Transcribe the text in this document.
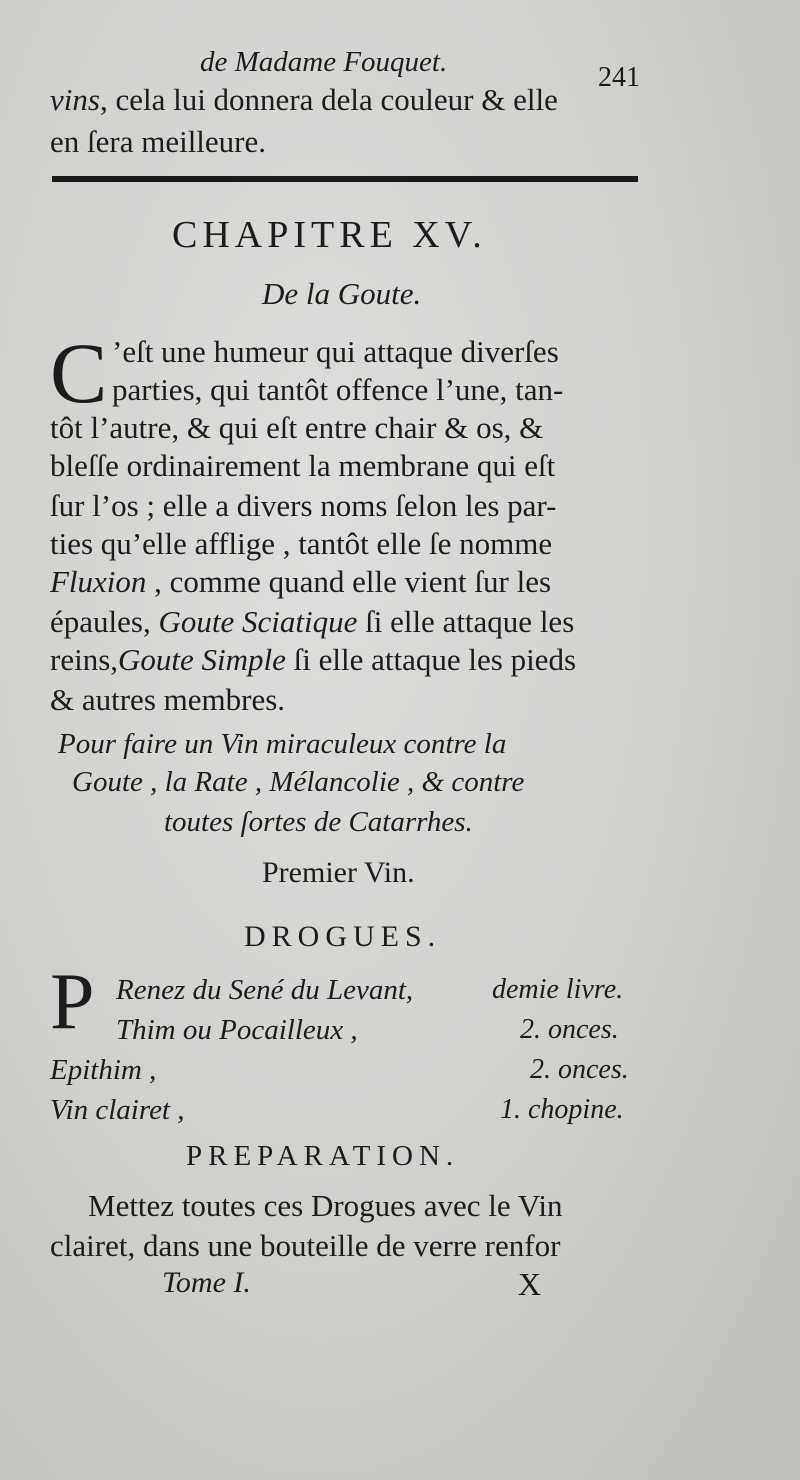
de Madame Fouquet.	241
vins, cela lui donnera dela couleur & elle
en ſera meilleure.
CHAPITRE XV.
De la Goute.
C ’eſt une humeur qui attaque diverſes
parties, qui tantôt offence l’une, tan-
tôt l’autre, & qui eſt entre chair & os, &
bleſſe ordinairement la membrane qui eſt
ſur l’os ; elle a divers noms ſelon les par-
ties qu’elle afflige , tantôt elle ſe nomme
Fluxion , comme quand elle vient ſur les
épaules, Goute Sciatique ſi elle attaque les
reins,Goute Simple ſi elle attaque les pieds
& autres membres.
Pour faire un Vin miraculeux contre la
Goute , la Rate , Mélancolie , & contre
toutes ſortes de Catarrhes.
Premier Vin.
DROGUES.
P Renez du Sené du Levant,	demie livre.
Thim ou Pocailleux ,	2. onces.
Epithim ,	2. onces.
Vin clairet ,	1. chopine.
PREPARATION.
Mettez toutes ces Drogues avec le Vin
clairet, dans une bouteille de verre renfor
Tome I.	X
